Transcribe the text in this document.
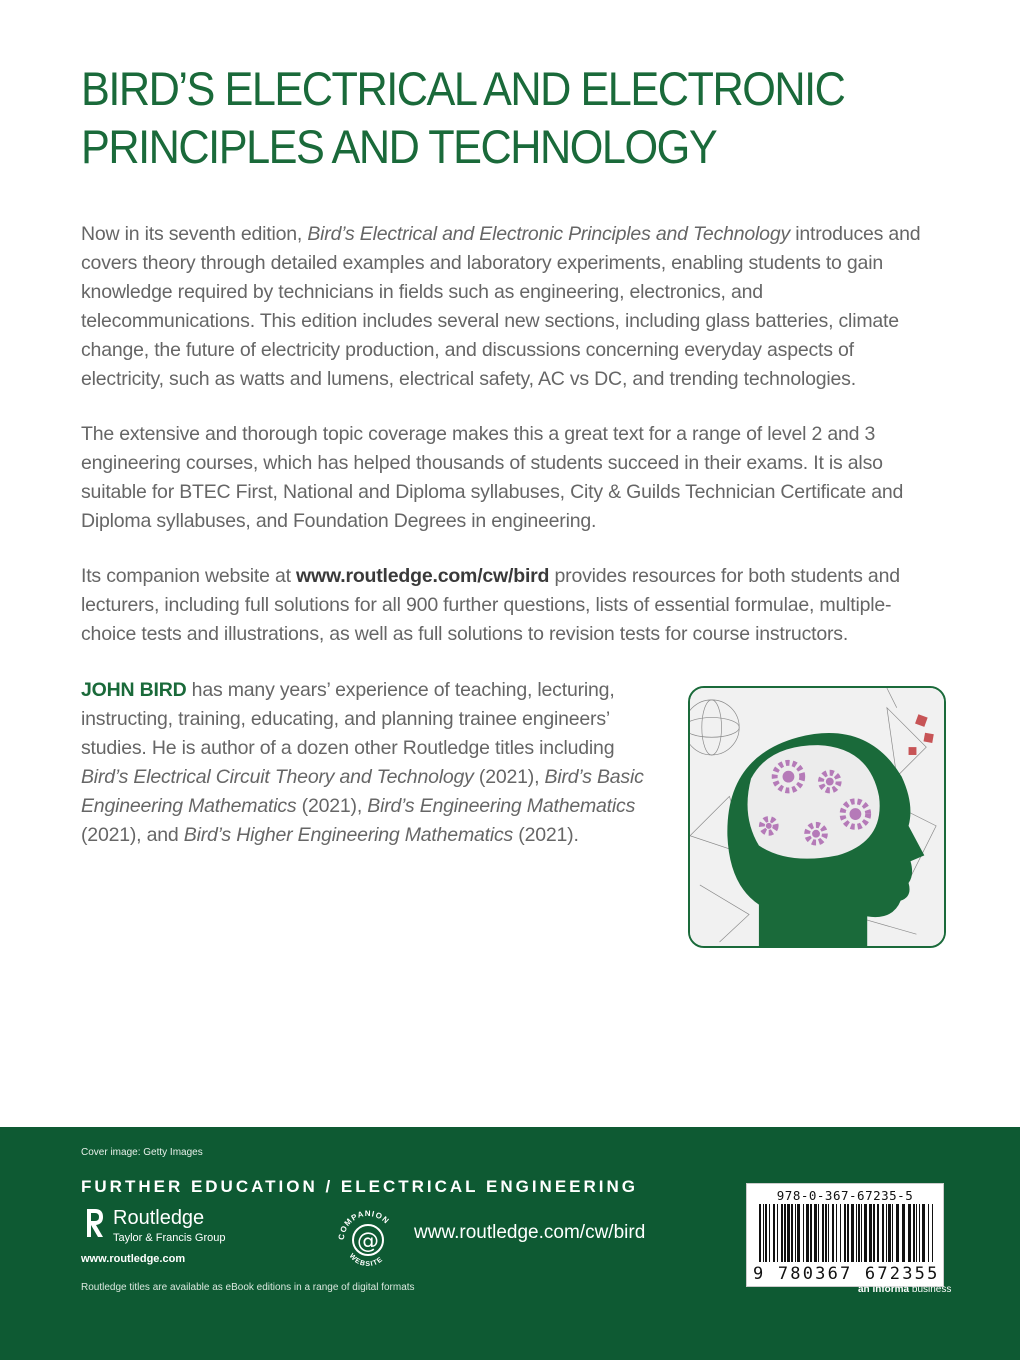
BIRD’S ELECTRICAL AND ELECTRONIC
PRINCIPLES AND TECHNOLOGY

Now in its seventh edition, Bird’s Electrical and Electronic Principles and Technology introduces and covers theory through detailed examples and laboratory experiments, enabling students to gain knowledge required by technicians in fields such as engineering, electronics, and telecommunications. This edition includes several new sections, including glass batteries, climate change, the future of electricity production, and discussions concerning everyday aspects of electricity, such as watts and lumens, electrical safety, AC vs DC, and trending technologies.

The extensive and thorough topic coverage makes this a great text for a range of level 2 and 3 engineering courses, which has helped thousands of students succeed in their exams. It is also suitable for BTEC First, National and Diploma syllabuses, City & Guilds Technician Certificate and Diploma syllabuses, and Foundation Degrees in engineering.

Its companion website at www.routledge.com/cw/bird provides resources for both students and lecturers, including full solutions for all 900 further questions, lists of essential formulae, multiple-choice tests and illustrations, as well as full solutions to revision tests for course instructors.

JOHN BIRD has many years’ experience of teaching, lecturing, instructing, training, educating, and planning trainee engineers’ studies. He is author of a dozen other Routledge titles including Bird’s Electrical Circuit Theory and Technology (2021), Bird’s Basic Engineering Mathematics (2021), Bird’s Engineering Mathematics (2021), and Bird’s Higher Engineering Mathematics (2021).

Cover image: Getty Images
FURTHER EDUCATION / ELECTRICAL ENGINEERING
Routledge
Taylor & Francis Group
www.routledge.com
@
COMPANION
WEBSITE
www.routledge.com/cw/bird
Routledge titles are available as eBook editions in a range of digital formats
978-0-367-67235-5
9 780367 672355
an informa business
